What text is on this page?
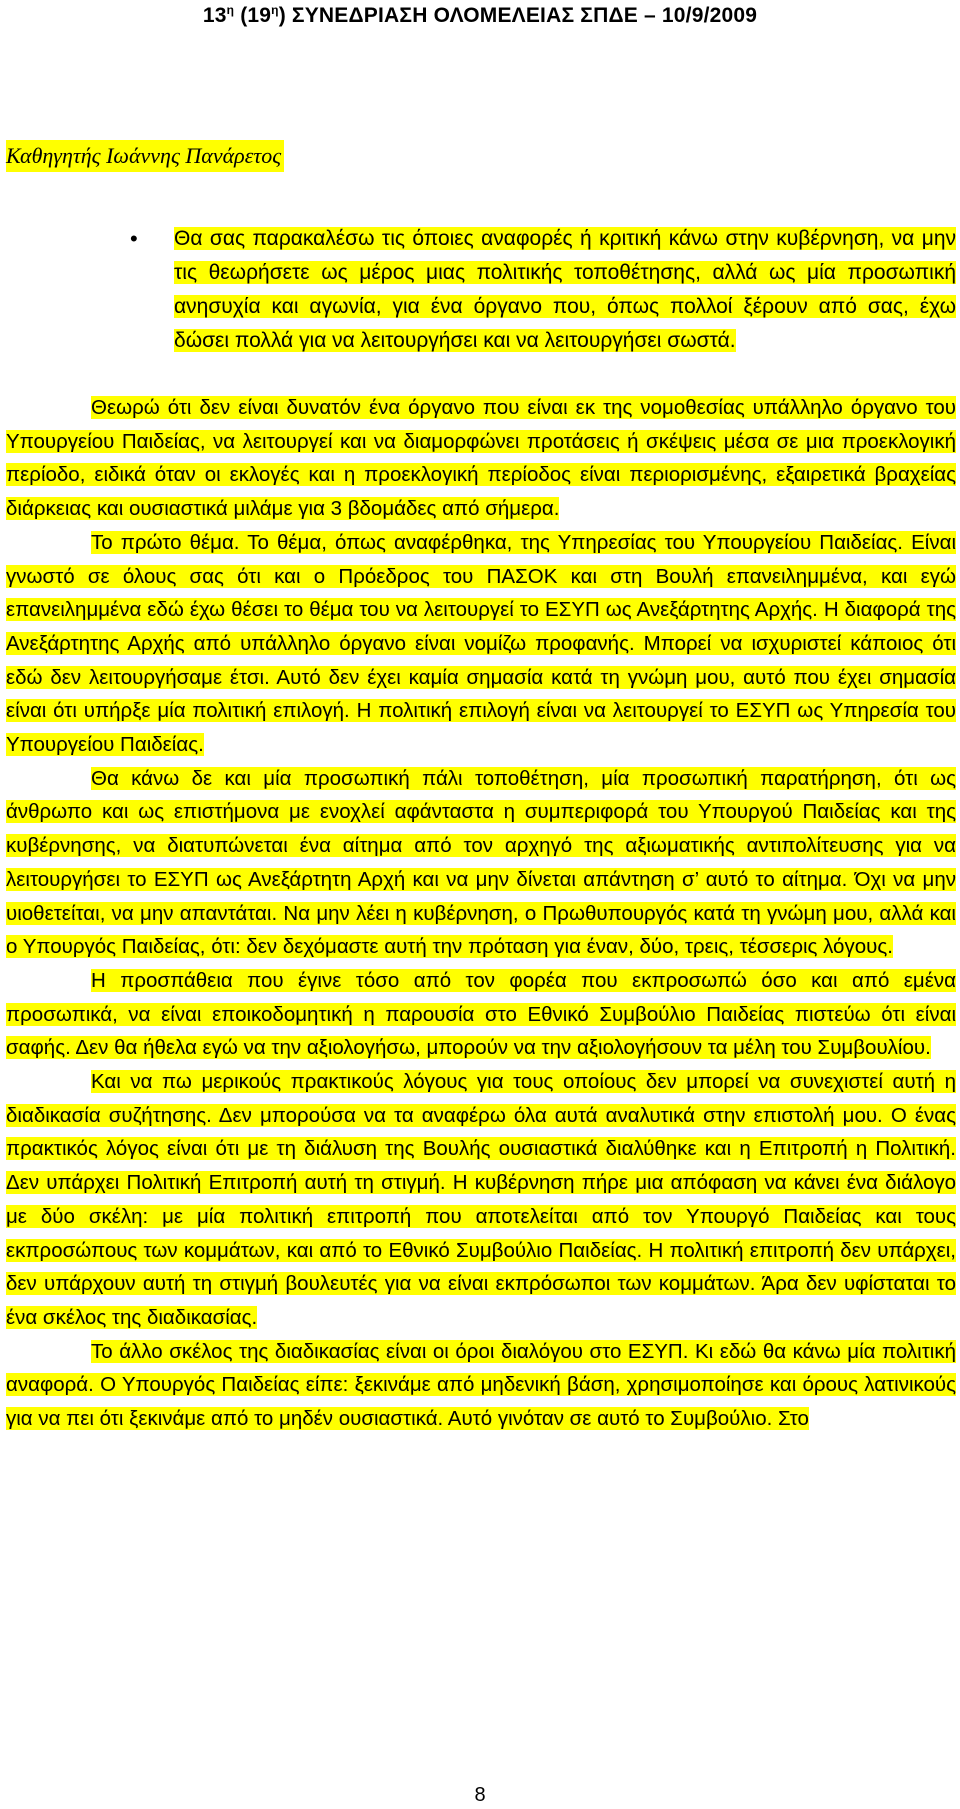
$13^\eta$ $(19^\eta)$ ΣΥΝΕΔΡΙΑΣΗ ΟΛΟΜΕΛΕΙΑΣ ΣΠΔΕ – 10/9/2009
Καθηγητής Ιωάννης Πανάρετος
• Θα σας παρακαλέσω τις όποιες αναφορές ή κριτική κάνω στην κυβέρνηση, να μην τις θεωρήσετε ως μέρος μιας πολιτικής τοποθέτησης, αλλά ως μία προσωπική ανησυχία και αγωνία, για ένα όργανο που, όπως πολλοί ξέρουν από σας, έχω δώσει πολλά για να λειτουργήσει και να λειτουργήσει σωστά.

Θεωρώ ότι δεν είναι δυνατόν ένα όργανο που είναι εκ της νομοθεσίας υπάλληλο όργανο του Υπουργείου Παιδείας, να λειτουργεί και να διαμορφώνει προτάσεις ή σκέψεις μέσα σε μια προεκλογική περίοδο, ειδικά όταν οι εκλογές και η προεκλογική περίοδος είναι περιορισμένης, εξαιρετικά βραχείας διάρκειας και ουσιαστικά μιλάμε για 3 βδομάδες από σήμερα.

Το πρώτο θέμα. Το θέμα, όπως αναφέρθηκα, της Υπηρεσίας του Υπουργείου Παιδείας. Είναι γνωστό σε όλους σας ότι και ο Πρόεδρος του ΠΑΣΟΚ και στη Βουλή επανειλημμένα, και εγώ επανειλημμένα εδώ έχω θέσει το θέμα του να λειτουργεί το ΕΣΥΠ ως Ανεξάρτητης Αρχής. Η διαφορά της Ανεξάρτητης Αρχής από υπάλληλο όργανο είναι νομίζω προφανής. Μπορεί να ισχυριστεί κάποιος ότι εδώ δεν λειτουργήσαμε έτσι. Αυτό δεν έχει καμία σημασία κατά τη γνώμη μου, αυτό που έχει σημασία είναι ότι υπήρξε μία πολιτική επιλογή. Η πολιτική επιλογή είναι να λειτουργεί το ΕΣΥΠ ως Υπηρεσία του Υπουργείου Παιδείας.

Θα κάνω δε και μία προσωπική πάλι τοποθέτηση, μία προσωπική παρατήρηση, ότι ως άνθρωπο και ως επιστήμονα με ενοχλεί αφάνταστα η συμπεριφορά του Υπουργού Παιδείας και της κυβέρνησης, να διατυπώνεται ένα αίτημα από τον αρχηγό της αξιωματικής αντιπολίτευσης για να λειτουργήσει το ΕΣΥΠ ως Ανεξάρτητη Αρχή και να μην δίνεται απάντηση σ’ αυτό το αίτημα. Όχι να μην υιοθετείται, να μην απαντάται. Να μην λέει η κυβέρνηση, ο Πρωθυπουργός κατά τη γνώμη μου, αλλά και ο Υπουργός Παιδείας, ότι: δεν δεχόμαστε αυτή την πρόταση για έναν, δύο, τρεις, τέσσερις λόγους.

Η προσπάθεια που έγινε τόσο από τον φορέα που εκπροσωπώ όσο και από εμένα προσωπικά, να είναι εποικοδομητική η παρουσία στο Εθνικό Συμβούλιο Παιδείας πιστεύω ότι είναι σαφής. Δεν θα ήθελα εγώ να την αξιολογήσω, μπορούν να την αξιολογήσουν τα μέλη του Συμβουλίου.

Και να πω μερικούς πρακτικούς λόγους για τους οποίους δεν μπορεί να συνεχιστεί αυτή η διαδικασία συζήτησης. Δεν μπορούσα να τα αναφέρω όλα αυτά αναλυτικά στην επιστολή μου. Ο ένας πρακτικός λόγος είναι ότι με τη διάλυση της Βουλής ουσιαστικά διαλύθηκε και η Επιτροπή η Πολιτική. Δεν υπάρχει Πολιτική Επιτροπή αυτή τη στιγμή. Η κυβέρνηση πήρε μια απόφαση να κάνει ένα διάλογο με δύο σκέλη: με μία πολιτική επιτροπή που αποτελείται από τον Υπουργό Παιδείας και τους εκπροσώπους των κομμάτων, και από το Εθνικό Συμβούλιο Παιδείας. Η πολιτική επιτροπή δεν υπάρχει, δεν υπάρχουν αυτή τη στιγμή βουλευτές για να είναι εκπρόσωποι των κομμάτων. Άρα δεν υφίσταται το ένα σκέλος της διαδικασίας.

Το άλλο σκέλος της διαδικασίας είναι οι όροι διαλόγου στο ΕΣΥΠ. Κι εδώ θα κάνω μία πολιτική αναφορά. Ο Υπουργός Παιδείας είπε: ξεκινάμε από μηδενική βάση, χρησιμοποίησε και όρους λατινικούς για να πει ότι ξεκινάμε από το μηδέν ουσιαστικά. Αυτό γινόταν σε αυτό το Συμβούλιο. Στο

8
